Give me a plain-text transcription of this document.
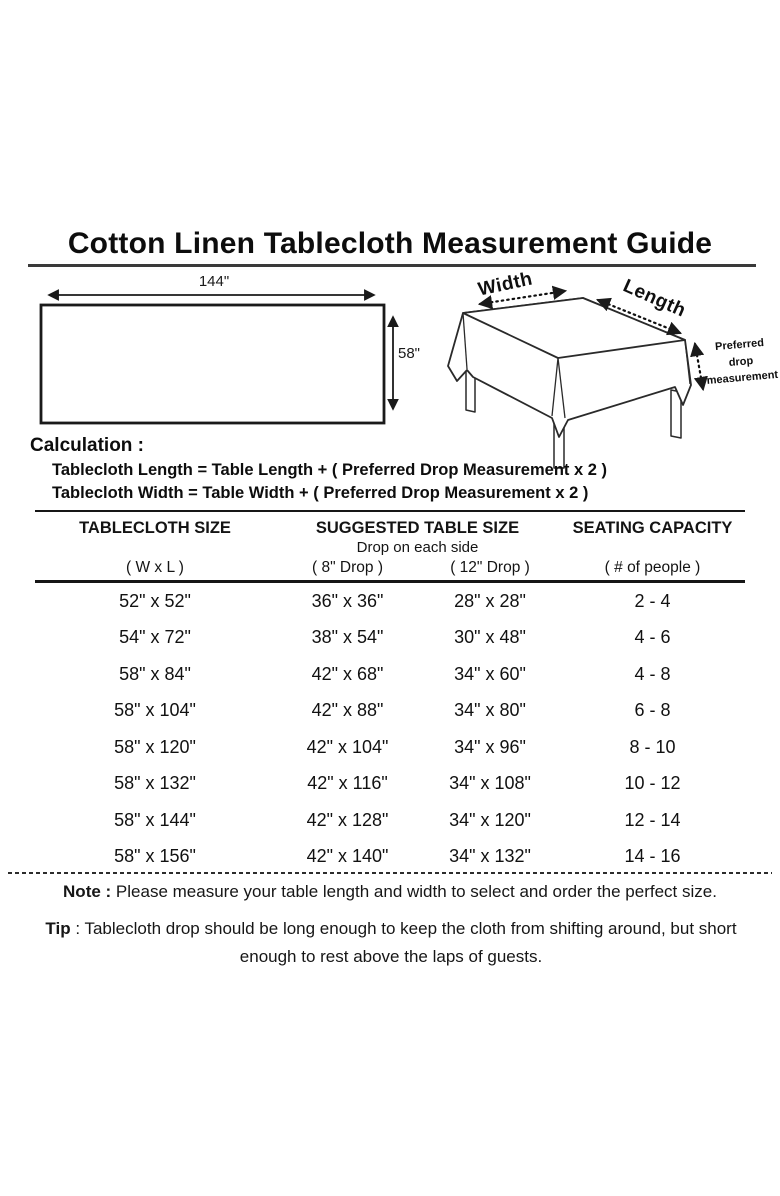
Cotton Linen Tablecloth Measurement Guide
144"
58"
Width	Length
Preferred
drop
measurement
Calculation :
Tablecloth Length = Table Length + ( Preferred Drop Measurement x 2 )
Tablecloth Width = Table Width + ( Preferred Drop Measurement x 2 )
TABLECLOTH SIZE	SUGGESTED TABLE SIZE	SEATING CAPACITY
Drop on each side
( W x L )	( 8" Drop )	( 12" Drop )	( # of people )
52" x 52"	36" x 36"	28" x 28"	2 - 4
54" x 72"	38" x 54"	30" x 48"	4 - 6
58" x 84"	42" x 68"	34" x 60"	4 - 8
58" x 104"	42" x 88"	34" x 80"	6 - 8
58" x 120"	42" x 104"	34" x 96"	8 - 10
58" x 132"	42" x 116"	34" x 108"	10 - 12
58" x 144"	42" x 128"	34" x 120"	12 - 14
58" x 156"	42" x 140"	34" x 132"	14 - 16
Note : Please measure your table length and width to select and order the perfect size.
Tip : Tablecloth drop should be long enough to keep the cloth from shifting around, but short enough to rest above the laps of guests.
